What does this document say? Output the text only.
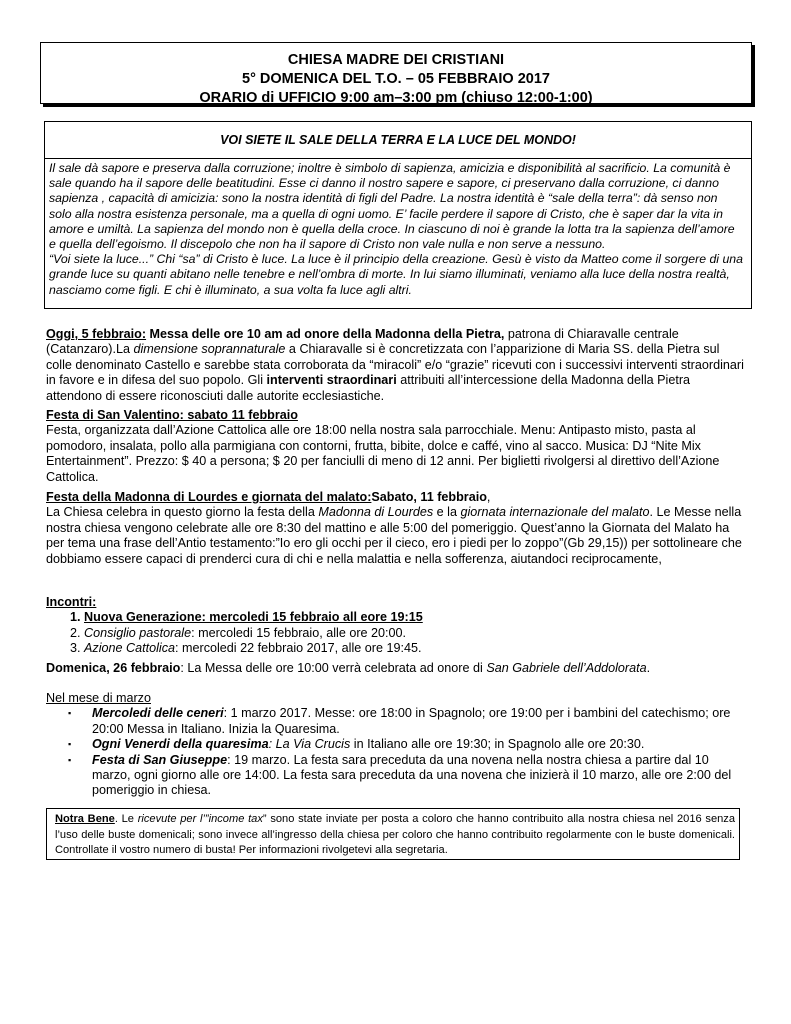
CHIESA MADRE DEI CRISTIANI
5° DOMENICA DEL T.O. – 05 FEBBRAIO 2017
ORARIO di UFFICIO 9:00 am–3:00 pm (chiuso 12:00-1:00)
VOI SIETE IL SALE DELLA TERRA E LA LUCE DEL MONDO!

Il sale dà sapore e preserva dalla corruzione; inoltre è simbolo di sapienza, amicizia e disponibilità al sacrificio. La comunità è sale quando ha il sapore delle beatitudini. Esse ci danno il nostro sapere e sapore, ci preservano dalla corruzione, ci danno sapienza , capacità di amicizia: sono la nostra identità di figli del Padre. La nostra identità è “sale della terra”: dà senso non solo alla nostra esistenza personale, ma a quella di ogni uomo. E’ facile perdere il sapore di Cristo, che è saper dar la vita in amore e umiltà. La sapienza del mondo non è quella della croce. In ciascuno di noi è grande la lotta tra la sapienza dell’amore e quella dell’egoismo. Il discepolo che non ha il sapore di Cristo non vale nulla e non serve a nessuno.

“Voi siete la luce...” Chi “sa” di Cristo è luce. La luce è il principio della creazione. Gesù è visto da Matteo come il sorgere di una grande luce su quanti abitano nelle tenebre e nell’ombra di morte. In lui siamo illuminati, veniamo alla luce della nostra realtà, nasciamo come figli. E chi è illuminato, a sua volta fa luce agli altri.

Oggi, 5 febbraio: Messa delle ore 10 am ad onore della Madonna della Pietra, patrona di Chiaravalle centrale (Catanzaro).La dimensione soprannaturale a Chiaravalle si è concretizzata con l’apparizione di Maria SS. della Pietra sul colle denominato Castello e sarebbe stata corroborata da “miracoli” e/o “grazie” ricevuti con i successivi interventi straordinari in favore e in difesa del suo popolo. Gli interventi straordinari attribuiti all’intercessione della Madonna della Pietra attendono di essere riconosciuti dalle autorite ecclesiastiche.
Festa di San Valentino: sabato 11 febbraio
Festa, organizzata dall’Azione Cattolica alle ore 18:00 nella nostra sala parrocchiale. Menu: Antipasto misto, pasta al pomodoro, insalata, pollo alla parmigiana con contorni, frutta, bibite, dolce e caffé, vino al sacco. Musica: DJ “Nite Mix Entertainment”. Prezzo: $ 40 a persona; $ 20 per fanciulli di meno di 12 anni. Per biglietti rivolgersi al direttivo dell’Azione Cattolica.
Festa della Madonna di Lourdes e giornata del malato:Sabato, 11 febbraio,
La Chiesa celebra in questo giorno la festa della Madonna di Lourdes e la giornata internazionale del malato. Le Messe nella nostra chiesa vengono celebrate alle ore 8:30 del mattino e alle 5:00 del pomeriggio. Quest’anno la Giornata del Malato ha per tema una frase dell’Antio testamento:”Io ero gli occhi per il cieco, ero i piedi per lo zoppo”(Gb 29,15)) per sottolineare che dobbiamo essere capaci di prenderci cura di chi e nella malattia e nella sofferenza, aiutandoci reciprocamente,
Incontri:
1. Nuova Generazione: mercoledi 15 febbraio all eore 19:15
2. Consiglio pastorale: mercoledi 15 febbraio, alle ore 20:00.
3. Azione Cattolica: mercoledi 22 febbraio 2017, alle ore 19:45.
Domenica, 26 febbraio: La Messa delle ore 10:00 verrà celebrata ad onore di San Gabriele dell’Addolorata.
Nel mese di marzo
▪ Mercoledi delle ceneri: 1 marzo 2017. Messe: ore 18:00 in Spagnolo; ore 19:00 per i bambini del catechismo; ore 20:00 Messa in Italiano. Inizia la Quaresima.
▪ Ogni Venerdi della quaresima: La Via Crucis in Italiano alle ore 19:30; in Spagnolo alle ore 20:30.
▪ Festa di San Giuseppe: 19 marzo. La festa sara preceduta da una novena nella nostra chiesa a partire dal 10 marzo, ogni giorno alle ore 14:00. La festa sara preceduta da una novena che inizierà il 10 marzo, alle ore 2:00 del pomeriggio in chiesa.
Notra Bene. Le ricevute per l’”income tax” sono state inviate per posta a coloro che hanno contribuito alla nostra chiesa nel 2016 senza l’uso delle buste domenicali; sono invece all’ingresso della chiesa per coloro che hanno contribuito regolarmente con le buste domenicali. Controllate il vostro numero di busta! Per informazioni rivolgetevi alla segretaria.
